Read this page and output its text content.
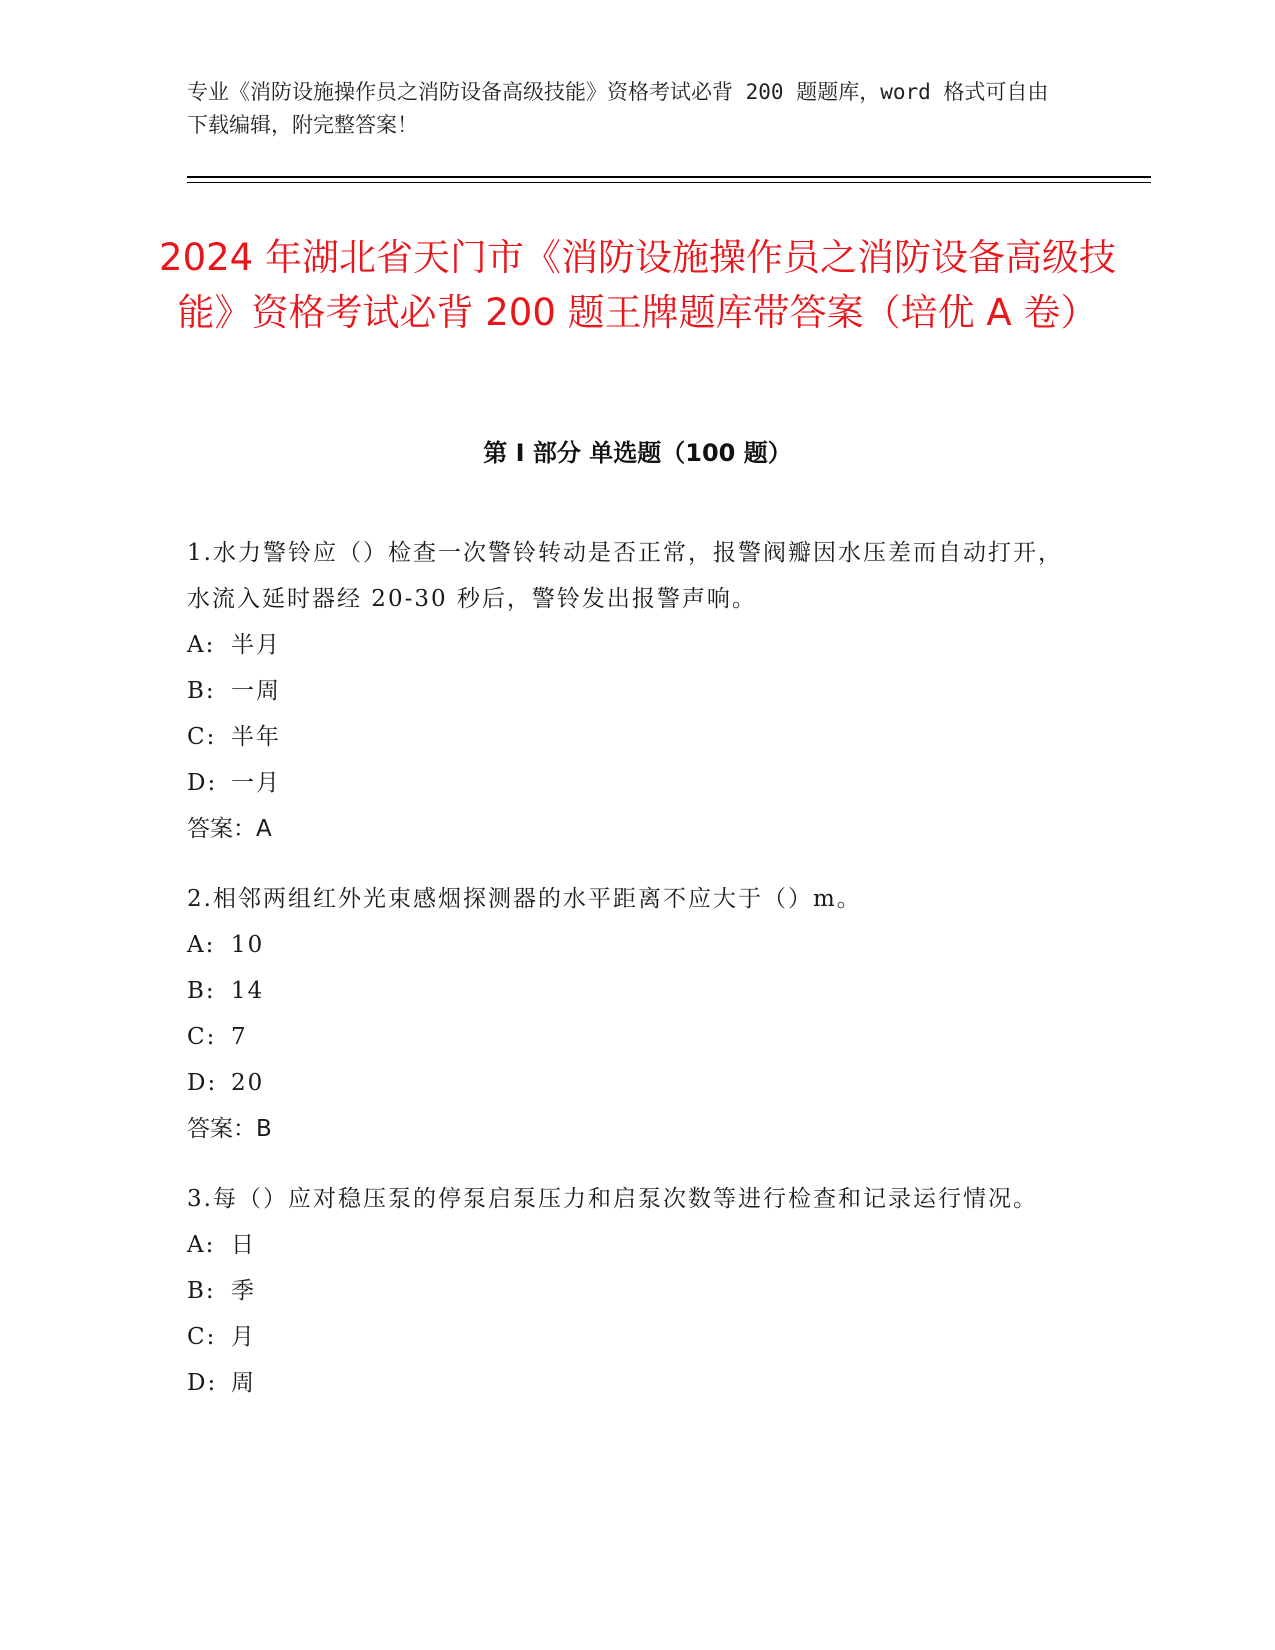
专业《消防设施操作员之消防设备高级技能》资格考试必背 200 题题库，word 格式可自由下载编辑，附完整答案！
2024 年湖北省天门市《消防设施操作员之消防设备高级技能》资格考试必背 200 题王牌题库带答案（培优 A 卷）
第 I 部分 单选题（100 题）

1.水力警铃应（）检查一次警铃转动是否正常，报警阀瓣因水压差而自动打开，水流入延时器经 20-30 秒后，警铃发出报警声响。

A: 半月

B: 一周

C: 半年

D: 一月

答案：A

2.相邻两组红外光束感烟探测器的水平距离不应大于（）m。

A: 10

B: 14

C: 7

D: 20

答案：B

3.每（）应对稳压泵的停泵启泵压力和启泵次数等进行检查和记录运行情况。

A: 日

B: 季

C: 月

D: 周
